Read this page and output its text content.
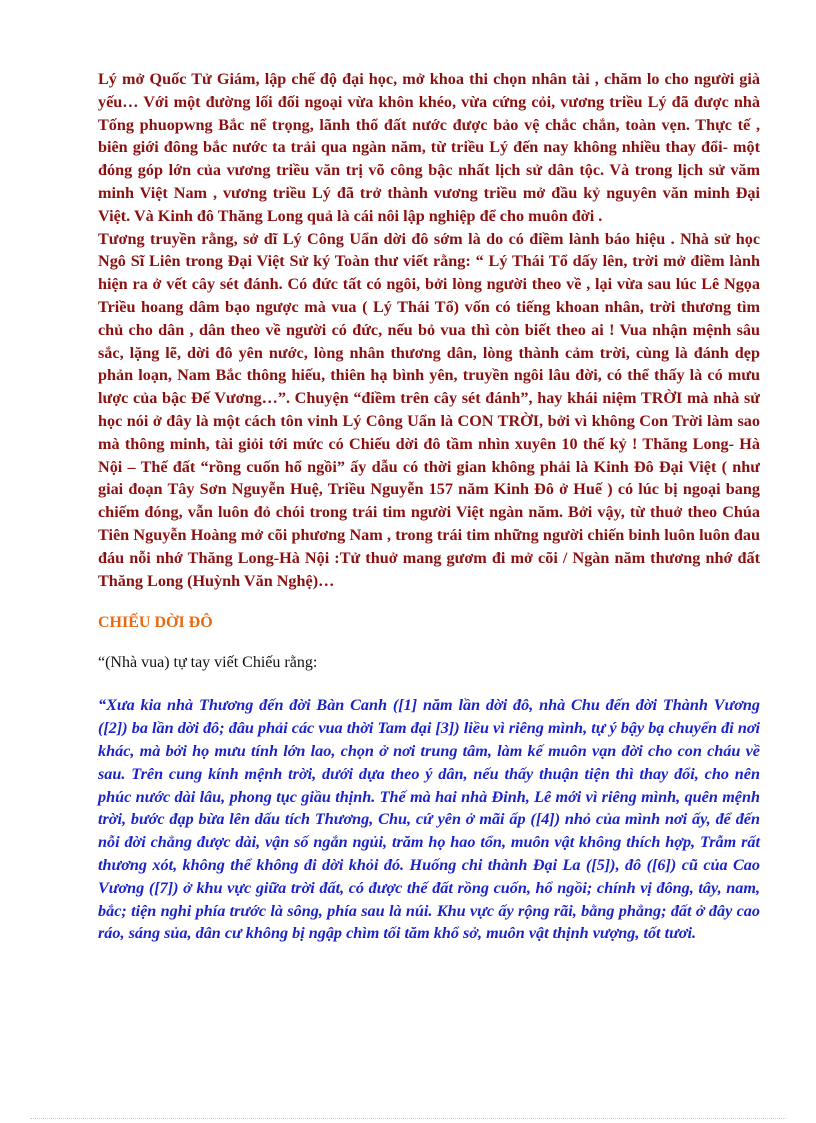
Lý mở Quốc Tử Giám, lập chế độ đại học, mở khoa thi chọn nhân tài , chăm lo cho người già yếu… Với một đường lối đối ngoại vừa khôn khéo, vừa cứng cỏi, vương triều Lý đã được nhà Tống phuopwng Bắc nể trọng, lãnh thổ đất nước được bảo vệ chắc chắn, toàn vẹn. Thực tế , biên giới đông bắc nước ta trải qua ngàn năm, từ triều Lý đến nay không nhiều thay đổi- một đóng góp lớn của vương triều văn trị võ công bậc nhất lịch sử dân tộc. Và trong lịch sử văm minh Việt Nam , vương triều Lý đã trở thành vương triều mở đầu kỷ nguyên văn minh Đại Việt. Và Kinh đô Thăng Long quả là cái nôi lập nghiệp để cho muôn đời .

Tương truyền rằng, sở dĩ Lý Công Uẩn dời đô sớm là do có điềm lành báo hiệu . Nhà sử học Ngô Sĩ Liên trong Đại Việt Sử ký Toàn thư viết rằng: “ Lý Thái Tổ dấy lên, trời mở điềm lành hiện ra ở vết cây sét đánh. Có đức tất có ngôi, bởi lòng người theo về , lại vừa sau lúc Lê Ngọa Triều hoang dâm bạo ngược mà vua ( Lý Thái Tổ) vốn có tiếng khoan nhân, trời thương tìm chủ cho dân , dân theo về người có đức, nếu bỏ vua thì còn biết theo ai ! Vua nhận mệnh sâu sắc, lặng lẽ, dời đô yên nước, lòng nhân thương dân, lòng thành cảm trời, cùng là đánh dẹp phản loạn, Nam Bắc thông hiếu, thiên hạ bình yên, truyền ngôi lâu đời, có thể thấy là có mưu lược của bậc Đế Vương…”. Chuyện “điềm trên cây sét đánh”, hay khái niệm TRỜI mà nhà sử học nói ở đây là một cách tôn vinh Lý Công Uẩn là CON TRỜI, bởi vì không Con Trời làm sao mà thông minh, tài giỏi tới mức có Chiếu dời đô tầm nhìn xuyên 10 thế kỷ ! Thăng Long- Hà Nội – Thế đất “rồng cuốn hổ ngồi” ấy dẫu có thời gian không phải là Kinh Đô Đại Việt ( như giai đoạn Tây Sơn Nguyễn Huệ, Triều Nguyễn 157 năm Kinh Đô ở Huế ) có lúc bị ngoại bang chiếm đóng, vẫn luôn đỏ chói trong trái tim người Việt ngàn năm. Bởi vậy, từ thuở theo Chúa Tiên Nguyễn Hoàng mở cõi phương Nam , trong trái tim những người chiến binh luôn luôn đau đáu nỗi nhớ Thăng Long-Hà Nội :Tử thuở mang gươm đi mở cõi / Ngàn năm thương nhớ đất Thăng Long (Huỳnh Văn Nghệ)…

CHIẾU DỜI ĐÔ

“(Nhà vua) tự tay viết Chiếu rằng:

“Xưa kia nhà Thương đến đời Bàn Canh ([1] năm lần dời đô, nhà Chu đến đời Thành Vương ([2]) ba lần dời đô; đâu phải các vua thời Tam đại [3]) liều vì riêng mình, tự ý bậy bạ chuyển đi nơi khác, mà bởi họ mưu tính lớn lao, chọn ở nơi trung tâm, làm kế muôn vạn đời cho con cháu về sau. Trên cung kính mệnh trời, dưới dựa theo ý dân, nếu thấy thuận tiện thì thay đổi, cho nên phúc nước dài lâu, phong tục giầu thịnh. Thế mà hai nhà Đinh, Lê mới vì riêng mình, quên mệnh trời, bước đạp bừa lên dấu tích Thương, Chu, cứ yên ở mãi ấp ([4]) nhỏ của mình nơi ấy, để đến nỗi đời chẳng được dài, vận số ngắn ngủi, trăm họ hao tổn, muôn vật không thích hợp, Trẫm rất thương xót, không thể không đi dời khỏi đó. Huống chi thành Đại La ([5]), đô ([6]) cũ của Cao Vương ([7]) ở khu vực giữa trời đất, có được thế đất rồng cuốn, hổ ngồi; chính vị đông, tây, nam, bắc; tiện nghi phía trước là sông, phía sau là núi. Khu vực ấy rộng rãi, bằng phẳng; đất ở đây cao ráo, sáng sủa, dân cư không bị ngập chìm tối tăm khổ sở, muôn vật thịnh vượng, tốt tươi.
